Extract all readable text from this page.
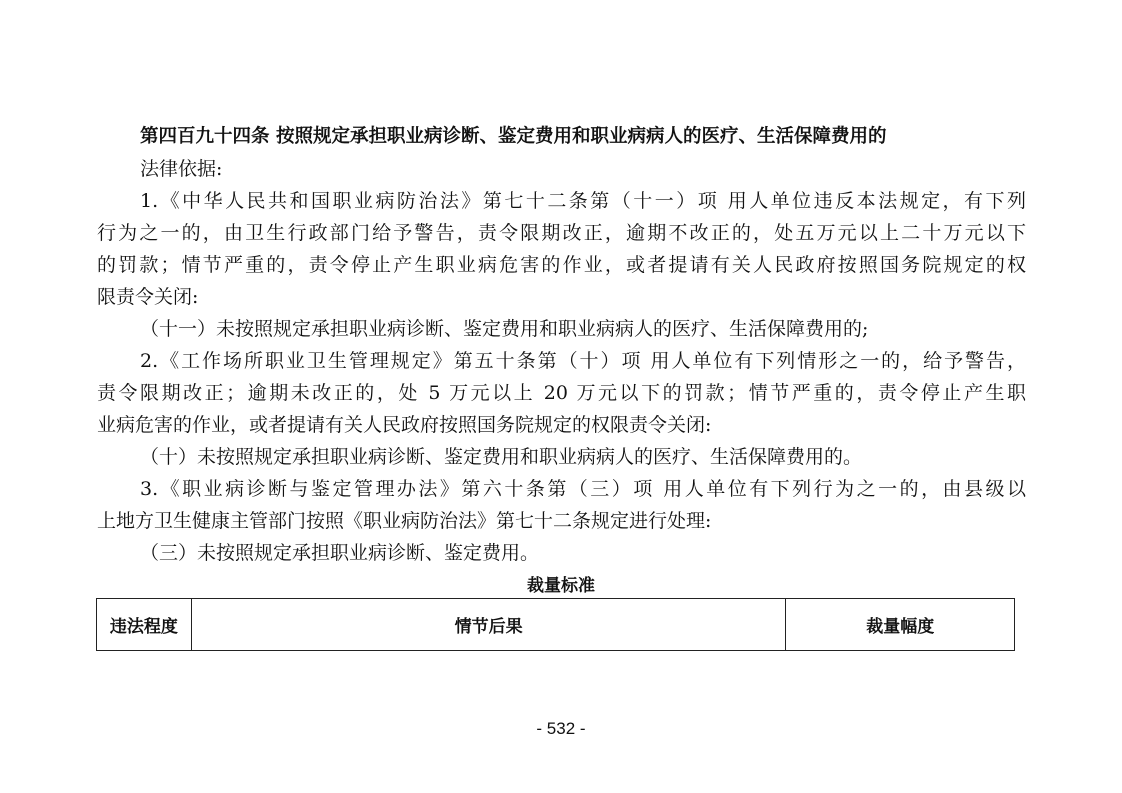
第四百九十四条 按照规定承担职业病诊断、鉴定费用和职业病病人的医疗、生活保障费用的
法律依据:
1.《中华人民共和国职业病防治法》第七十二条第（十一）项 用人单位违反本法规定，有下列
行为之一的，由卫生行政部门给予警告，责令限期改正，逾期不改正的，处五万元以上二十万元以下
的罚款；情节严重的，责令停止产生职业病危害的作业，或者提请有关人民政府按照国务院规定的权
限责令关闭:
（十一）未按照规定承担职业病诊断、鉴定费用和职业病病人的医疗、生活保障费用的;
2.《工作场所职业卫生管理规定》第五十条第（十）项 用人单位有下列情形之一的，给予警告，
责令限期改正；逾期未改正的，处 5 万元以上 20 万元以下的罚款；情节严重的，责令停止产生职
业病危害的作业，或者提请有关人民政府按照国务院规定的权限责令关闭:
（十）未按照规定承担职业病诊断、鉴定费用和职业病病人的医疗、生活保障费用的。
3.《职业病诊断与鉴定管理办法》第六十条第（三）项 用人单位有下列行为之一的，由县级以
上地方卫生健康主管部门按照《职业病防治法》第七十二条规定进行处理:
（三）未按照规定承担职业病诊断、鉴定费用。
裁量标准
违法程度	情节后果	裁量幅度
- 532 -
